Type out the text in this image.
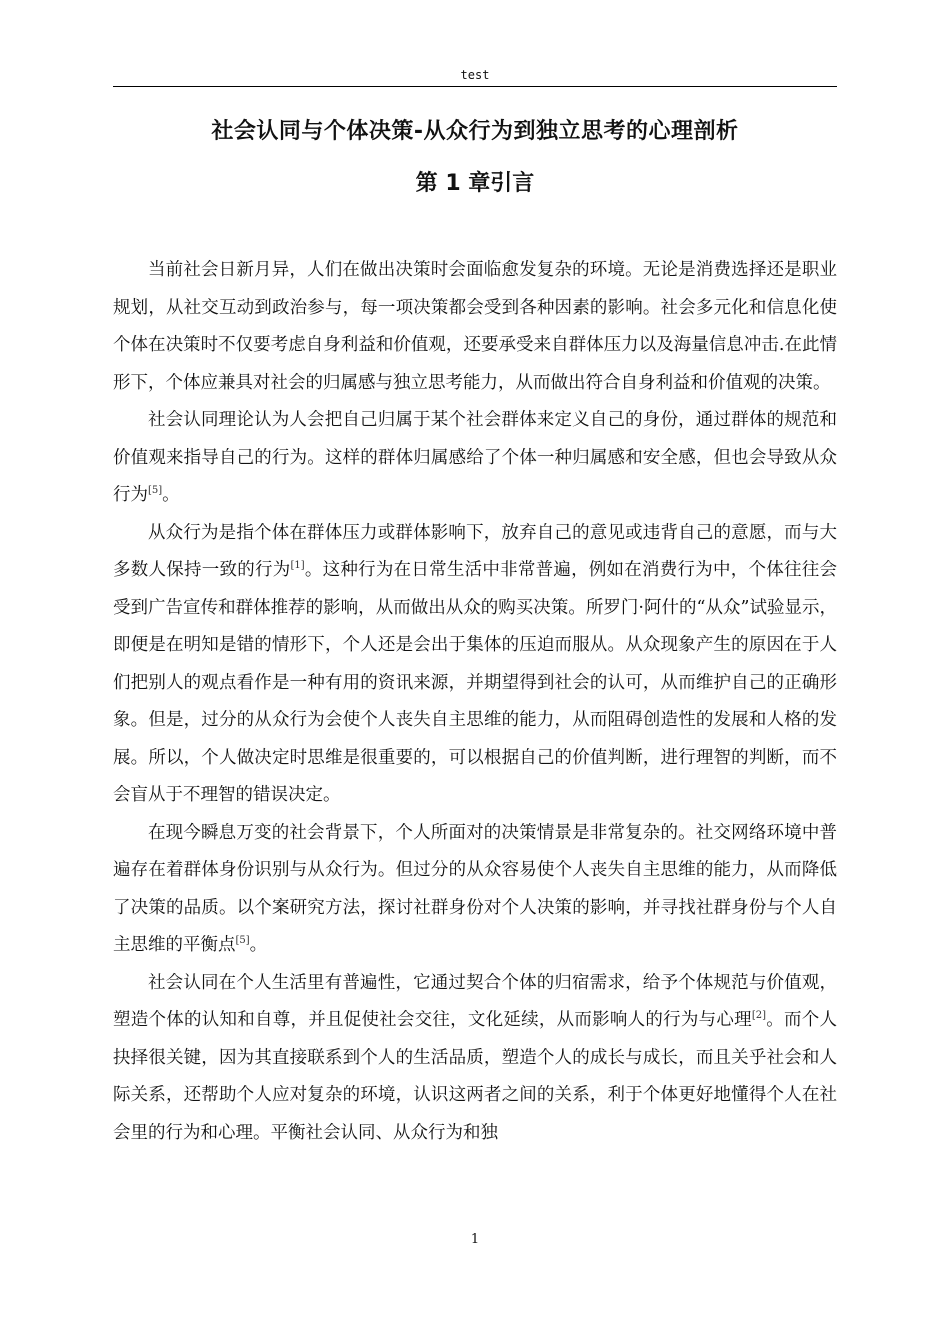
test
社会认同与个体决策-从众行为到独立思考的心理剖析
第 1 章引言

当前社会日新月异，人们在做出决策时会面临愈发复杂的环境。无论是消费选择还是职业规划，从社交互动到政治参与，每一项决策都会受到各种因素的影响。社会多元化和信息化使个体在决策时不仅要考虑自身利益和价值观，还要承受来自群体压力以及海量信息冲击.在此情形下，个体应兼具对社会的归属感与独立思考能力，从而做出符合自身利益和价值观的决策。

社会认同理论认为人会把自己归属于某个社会群体来定义自己的身份，通过群体的规范和价值观来指导自己的行为。这样的群体归属感给了个体一种归属感和安全感，但也会导致从众行为[5]。

从众行为是指个体在群体压力或群体影响下，放弃自己的意见或违背自己的意愿，而与大多数人保持一致的行为[1]。这种行为在日常生活中非常普遍，例如在消费行为中，个体往往会受到广告宣传和群体推荐的影响，从而做出从众的购买决策。所罗门·阿什的“从众”试验显示，即便是在明知是错的情形下，个人还是会出于集体的压迫而服从。从众现象产生的原因在于人们把别人的观点看作是一种有用的资讯来源，并期望得到社会的认可，从而维护自己的正确形象。但是，过分的从众行为会使个人丧失自主思维的能力，从而阻碍创造性的发展和人格的发展。所以，个人做决定时思维是很重要的，可以根据自己的价值判断，进行理智的判断，而不会盲从于不理智的错误决定。

在现今瞬息万变的社会背景下，个人所面对的决策情景是非常复杂的。社交网络环境中普遍存在着群体身份识别与从众行为。但过分的从众容易使个人丧失自主思维的能力，从而降低了决策的品质。以个案研究方法，探讨社群身份对个人决策的影响，并寻找社群身份与个人自主思维的平衡点[5]。

社会认同在个人生活里有普遍性，它通过契合个体的归宿需求，给予个体规范与价值观，塑造个体的认知和自尊，并且促使社会交往，文化延续，从而影响人的行为与心理[2]。而个人抉择很关键，因为其直接联系到个人的生活品质，塑造个人的成长与成长，而且关乎社会和人际关系，还帮助个人应对复杂的环境，认识这两者之间的关系，利于个体更好地懂得个人在社会里的行为和心理。平衡社会认同、从众行为和独

1
